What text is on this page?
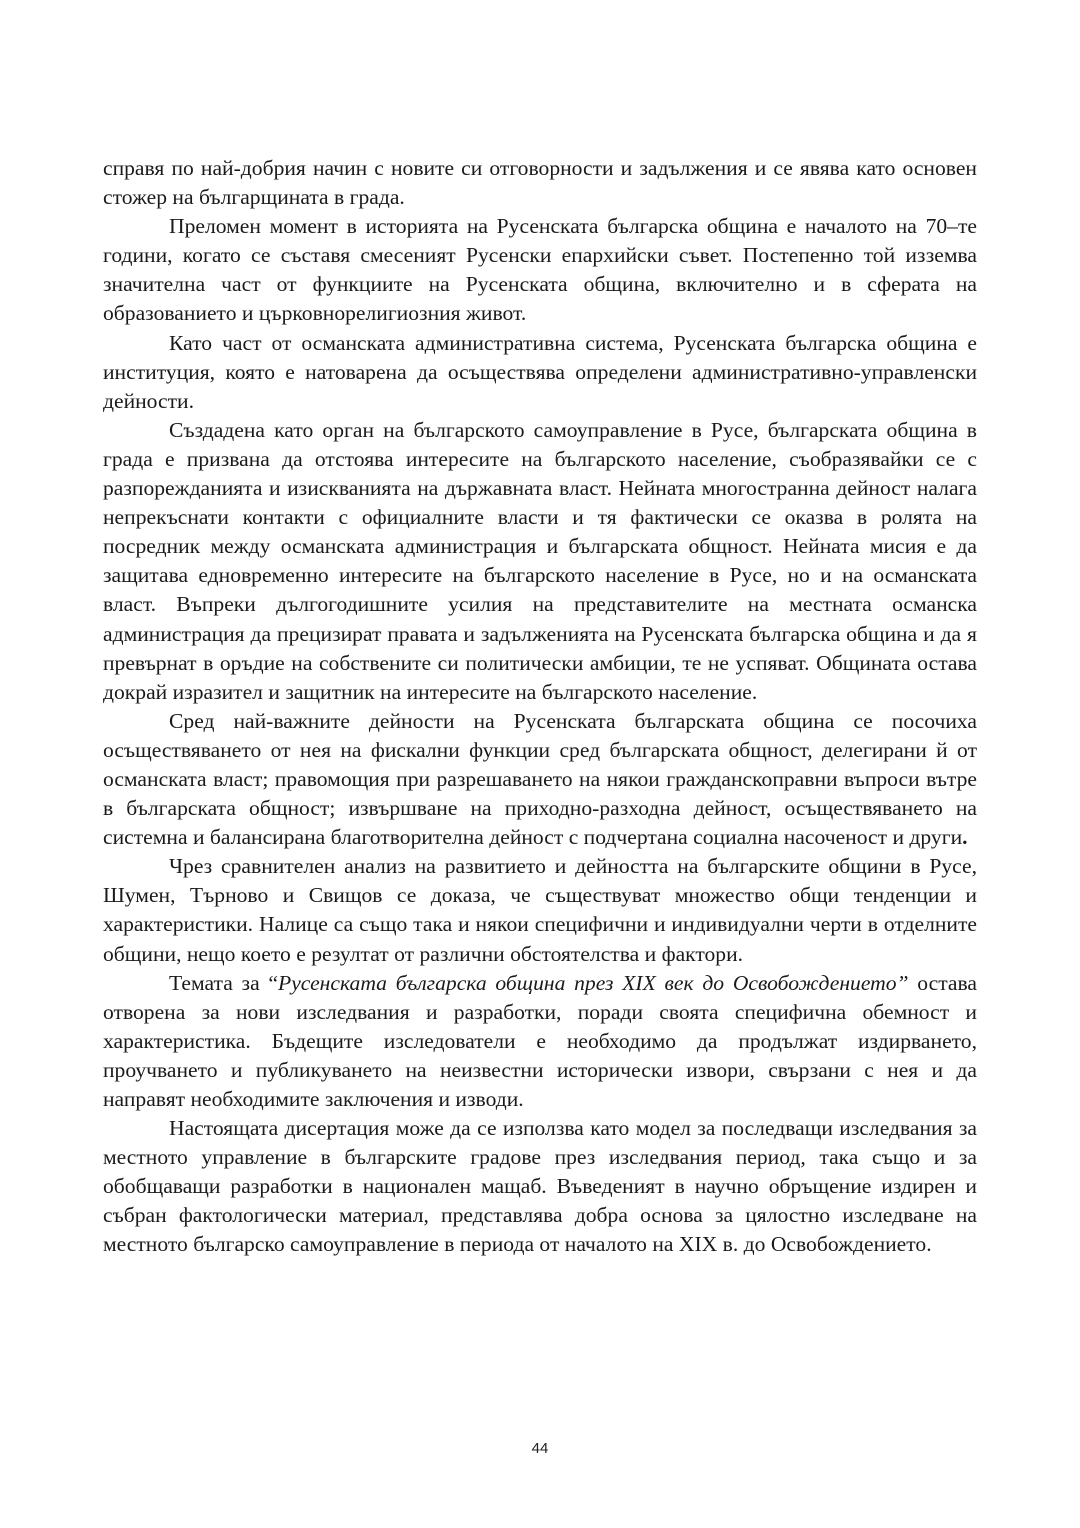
справя по най-добрия начин с новите си отговорности и задължения и се явява като основен стожер на българщината в града.

Преломен момент в историята на Русенската българска община е началото на 70–те години, когато се съставя смесеният Русенски епархийски съвет. Постепенно той изземва значителна част от функциите на Русенската община, включително и в сферата на образованието и църковнорелигиозния живот.

Като част от османската административна система, Русенската българска община е институция, която е натоварена да осъществява определени административно-управленски дейности.

Създадена като орган на българското самоуправление в Русе, българската община в града е призвана да отстоява интересите на българското население, съобразявайки се с разпорежданията и изискванията на държавната власт. Нейната многостранна дейност налага непрекъснати контакти с официалните власти и тя фактически се оказва в ролята на посредник между османската администрация и българската общност. Нейната мисия е да защитава едновременно интересите на българското население в Русе, но и на османската власт. Въпреки дългогодишните усилия на представителите на местната османска администрация да прецизират правата и задълженията на Русенската българска община и да я превърнат в оръдие на собствените си политически амбиции, те не успяват. Общината остава докрай изразител и защитник на интересите на българското население.

Сред най-важните дейности на Русенската българската община се посочиха осъществяването от нея на фискални функции сред българската общност, делегирани й от османската власт; правомощия при разрешаването на някои гражданскоправни въпроси вътре в българската общност; извършване на приходно-разходна дейност, осъществяването на системна и балансирана благотворителна дейност с подчертана социална насоченост и други.

Чрез сравнителен анализ на развитието и дейността на българските общини в Русе, Шумен, Търново и Свищов се доказа, че съществуват множество общи тенденции и характеристики. Налице са също така и някои специфични и индивидуални черти в отделните общини, нещо което е резултат от различни обстоятелства и фактори.

Темата за “Русенската българска община през XIX век до Освобождението” остава отворена за нови изследвания и разработки, поради своята специфична обемност и характеристика. Бъдещите изследователи е необходимо да продължат издирването, проучването и публикуването на неизвестни исторически извори, свързани с нея и да направят необходимите заключения и изводи.

Настоящата дисертация може да се използва като модел за последващи изследвания за местното управление в българските градове през изследвания период, така също и за обобщаващи разработки в национален мащаб. Въведеният в научно обръщение издирен и събран фактологически материал, представлява добра основа за цялостно изследване на местното българско самоуправление в периода от началото на XIX в. до Освобождението.

44
